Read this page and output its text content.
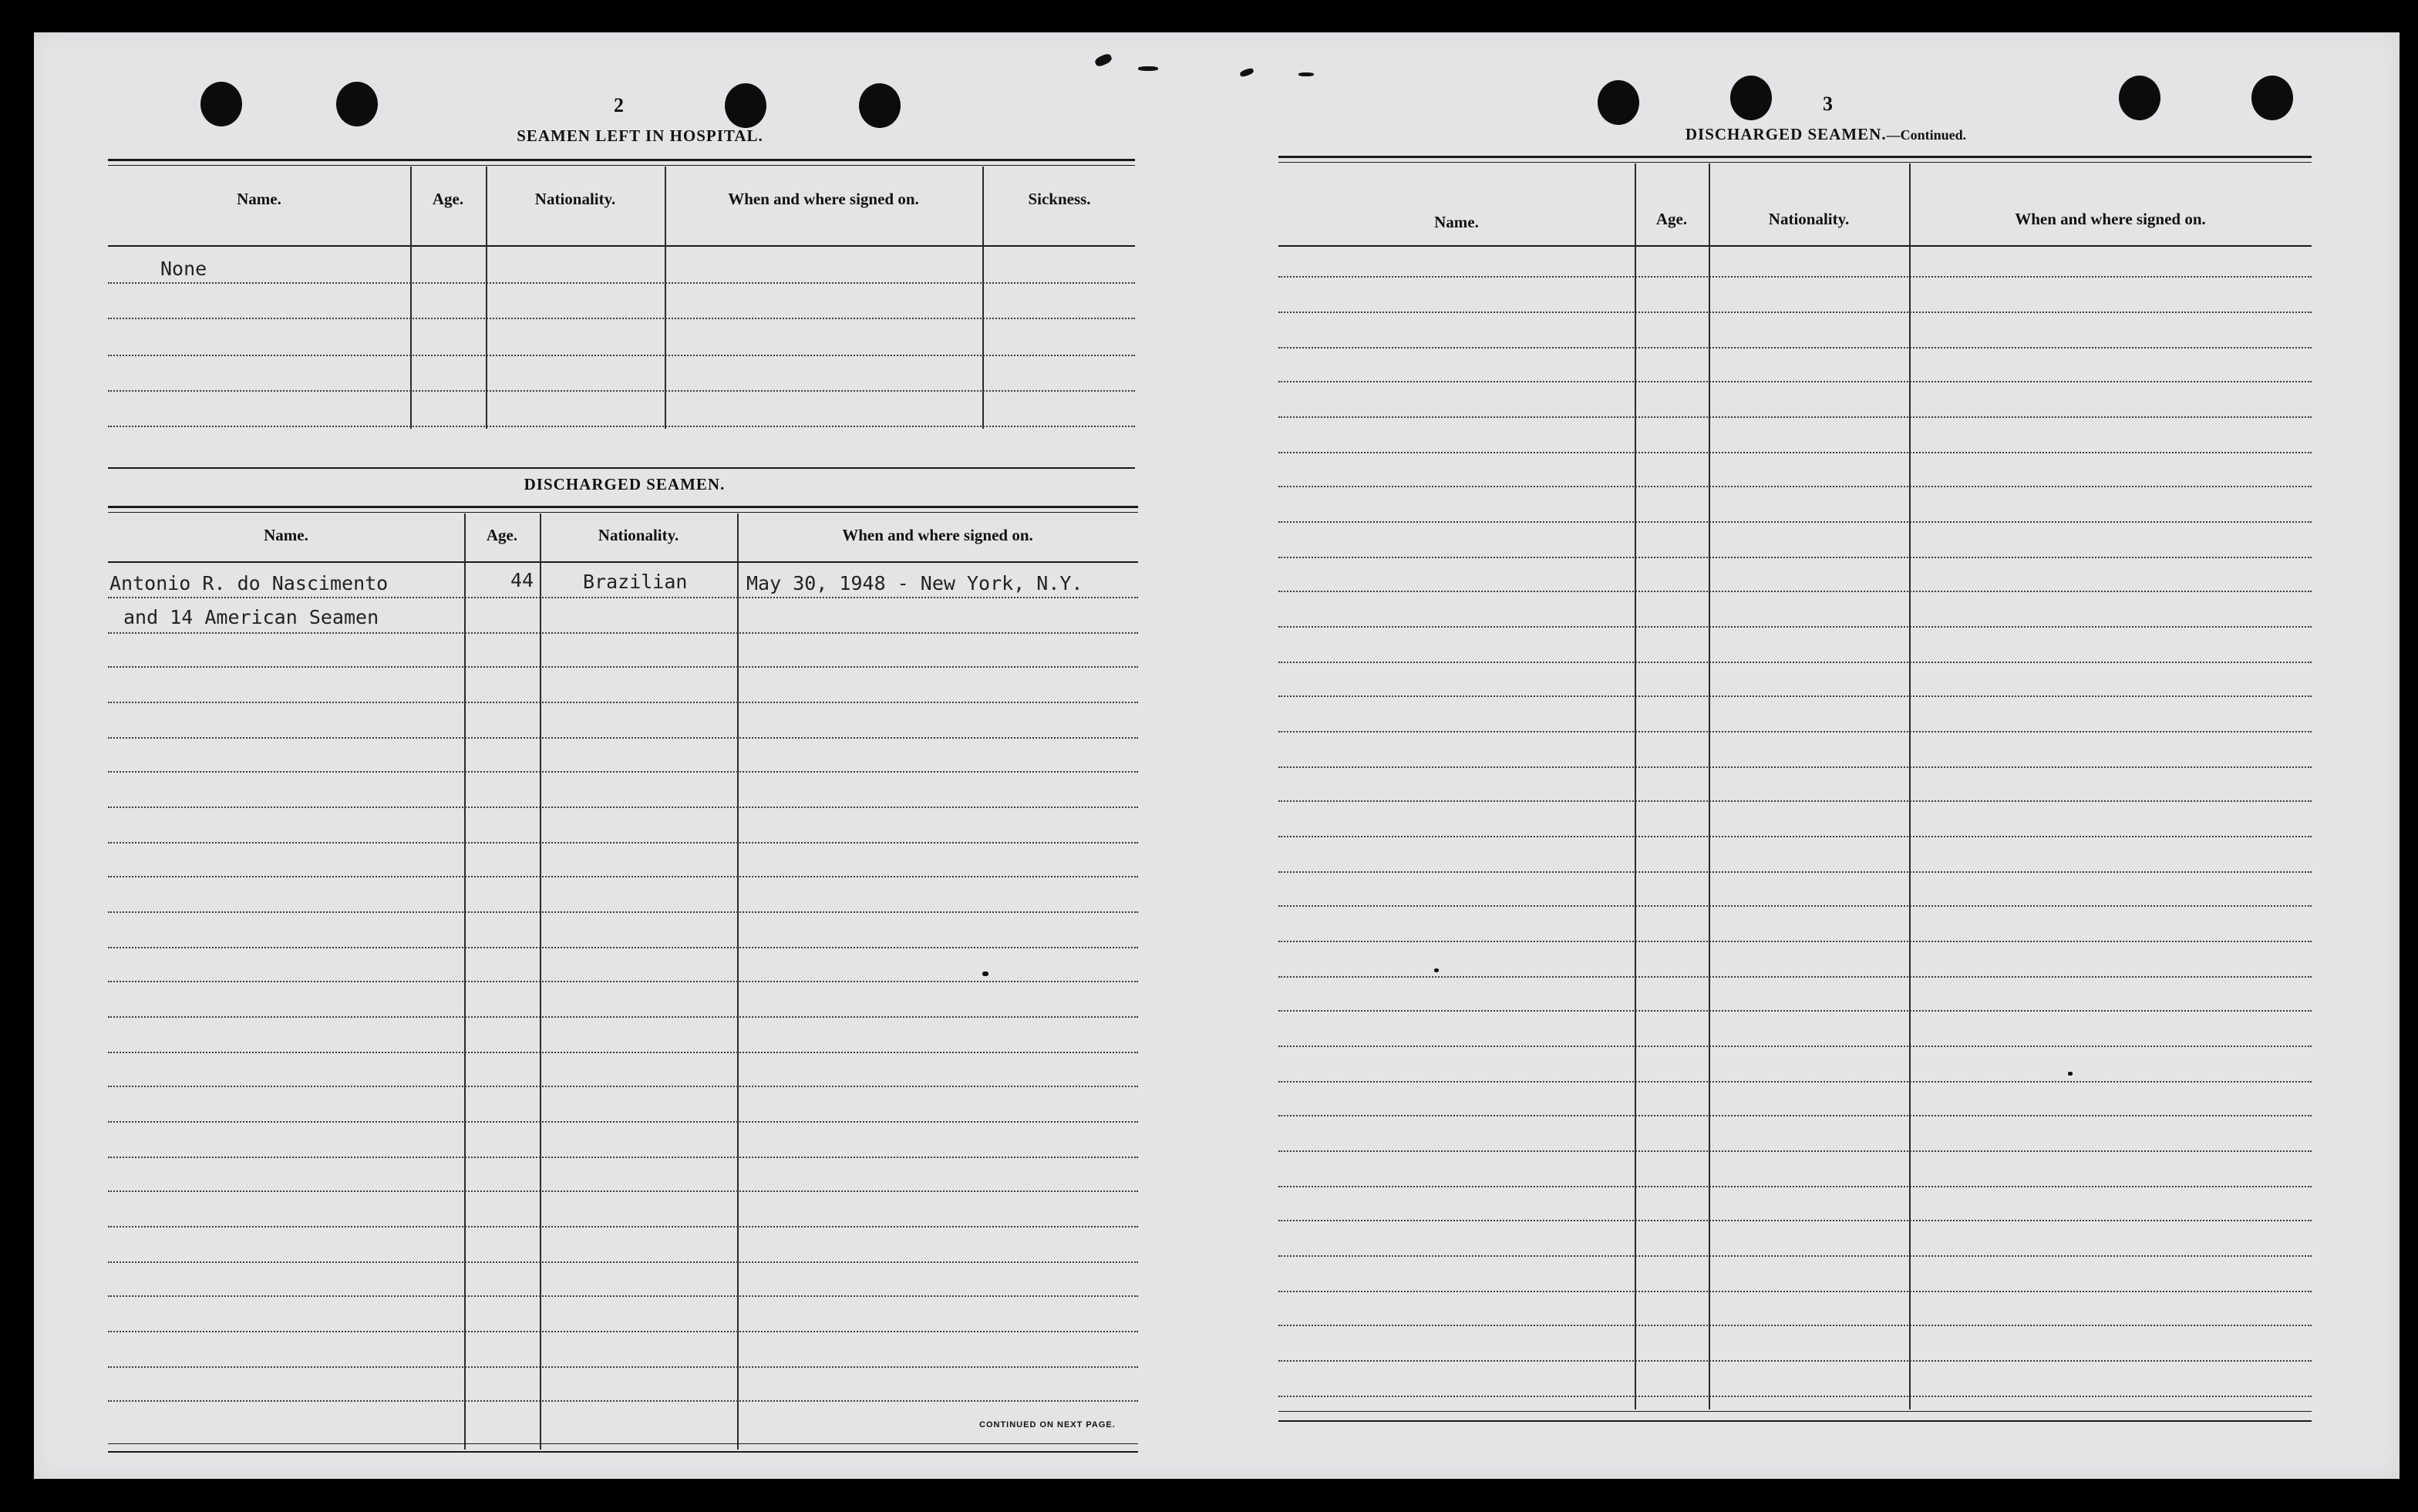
2
SEAMEN LEFT IN HOSPITAL.
Name.	Age.	Nationality.	When and where signed on.	Sickness.
None
DISCHARGED SEAMEN.
Name.	Age.	Nationality.	When and where signed on.
Antonio R. do Nascimento	44	Brazilian	May 30, 1948 - New York, N.Y.
and 14 American Seamen
CONTINUED ON NEXT PAGE.
3
DISCHARGED SEAMEN.—Continued.
Name.	Age.	Nationality.	When and where signed on.
